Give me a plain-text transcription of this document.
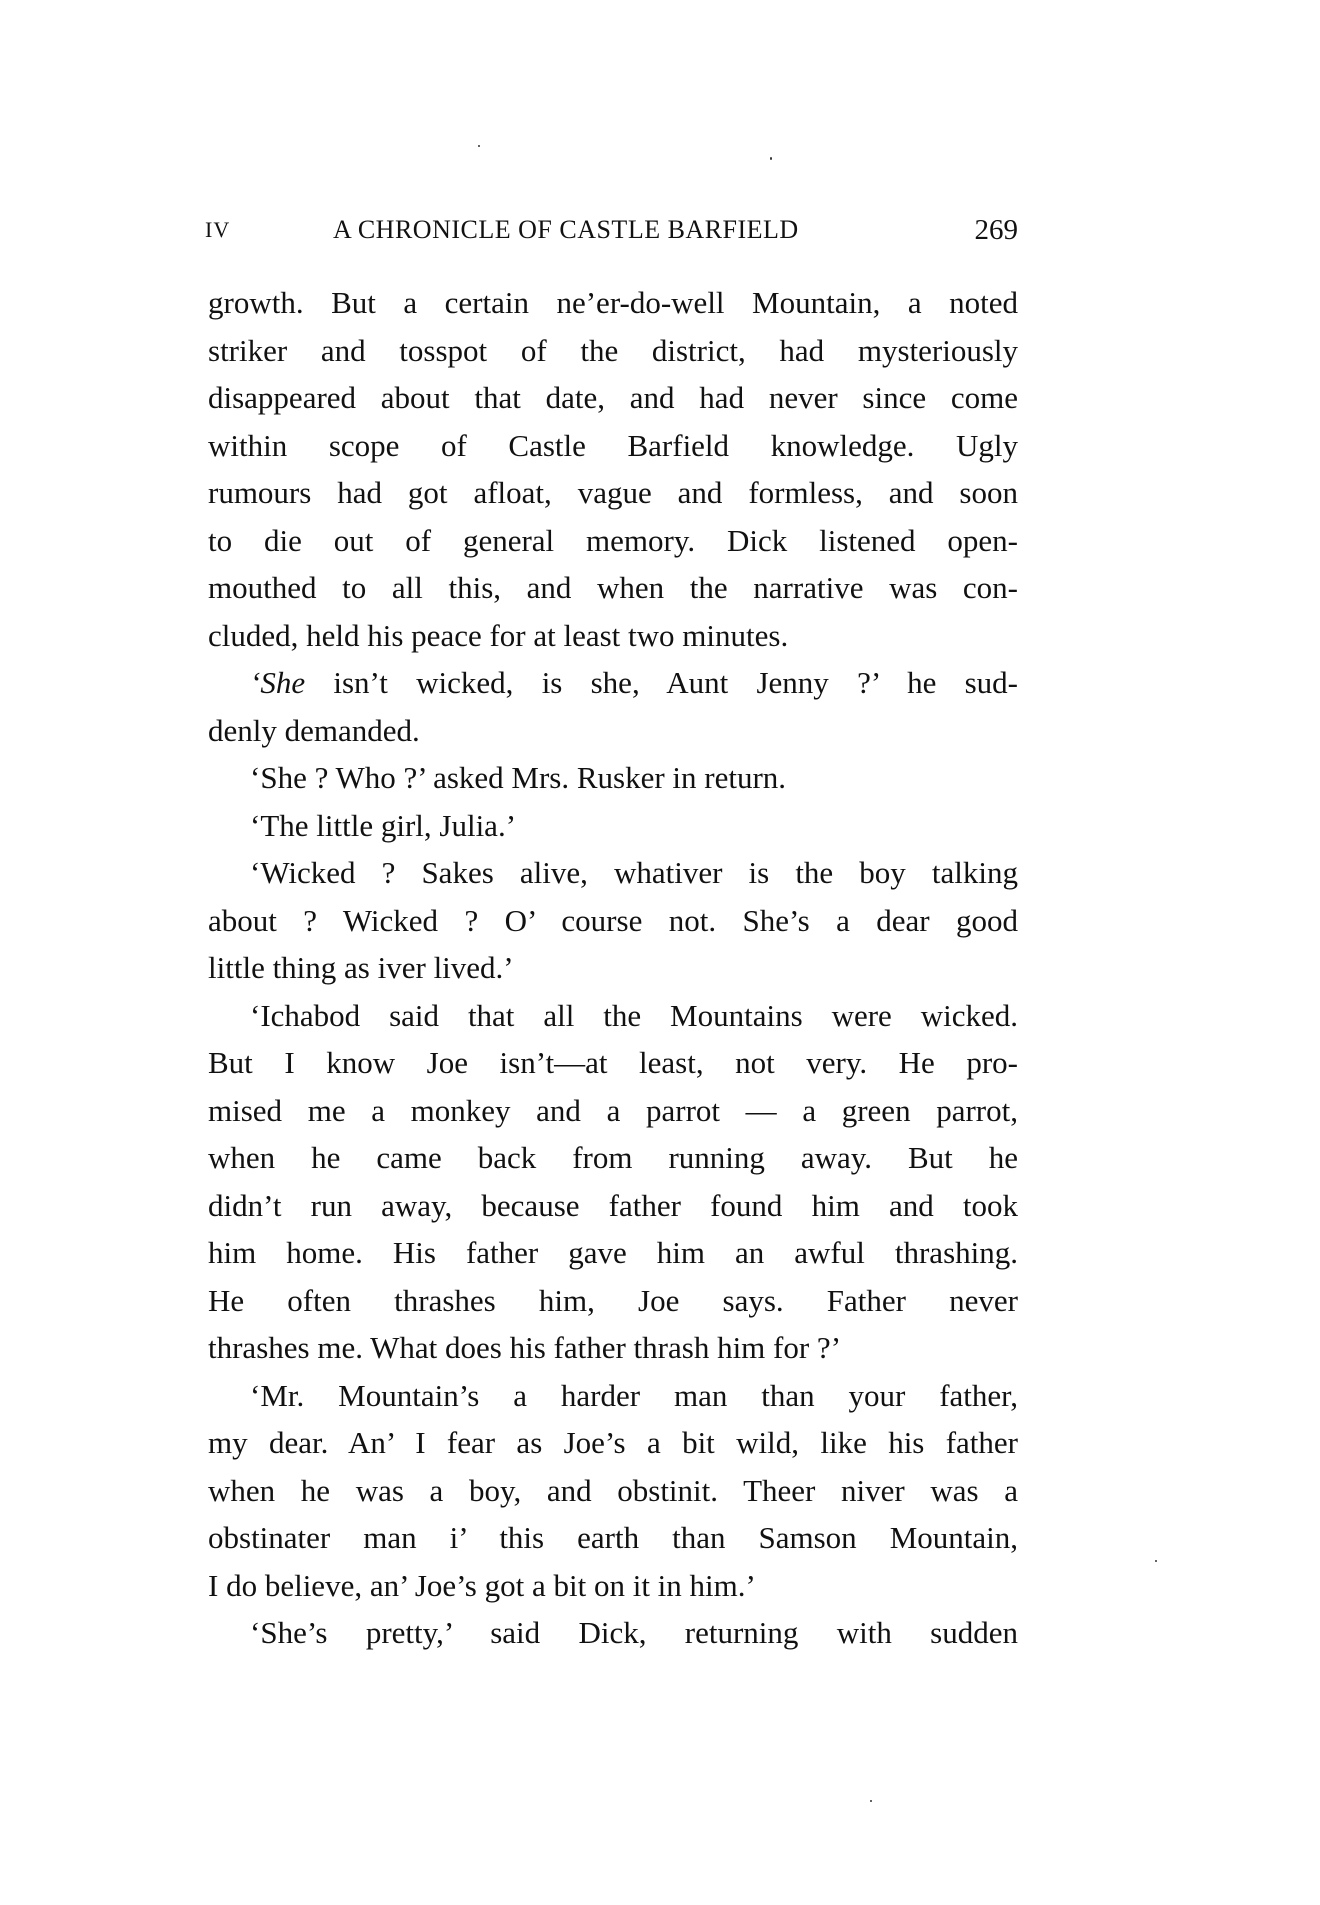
IV	A CHRONICLE OF CASTLE BARFIELD	269
growth. But a certain ne’er-do-well Mountain, a noted
striker and tosspot of the district, had mysteriously
disappeared about that date, and had never since come
within scope of Castle Barfield knowledge. Ugly
rumours had got afloat, vague and formless, and soon
to die out of general memory. Dick listened open-
mouthed to all this, and when the narrative was con-
cluded, held his peace for at least two minutes.
‘She isn’t wicked, is she, Aunt Jenny ?’ he sud-
denly demanded.
‘She ? Who ?’ asked Mrs. Rusker in return.
‘The little girl, Julia.’
‘Wicked ? Sakes alive, whativer is the boy talking
about ? Wicked ? O’ course not. She’s a dear good
little thing as iver lived.’
‘Ichabod said that all the Mountains were wicked.
But I know Joe isn’t—at least, not very. He pro-
mised me a monkey and a parrot — a green parrot,
when he came back from running away. But he
didn’t run away, because father found him and took
him home. His father gave him an awful thrashing.
He often thrashes him, Joe says. Father never
thrashes me. What does his father thrash him for ?’
‘Mr. Mountain’s a harder man than your father,
my dear. An’ I fear as Joe’s a bit wild, like his father
when he was a boy, and obstinit. Theer niver was a
obstinater man i’ this earth than Samson Mountain,
I do believe, an’ Joe’s got a bit on it in him.’
‘She’s pretty,’ said Dick, returning with sudden
